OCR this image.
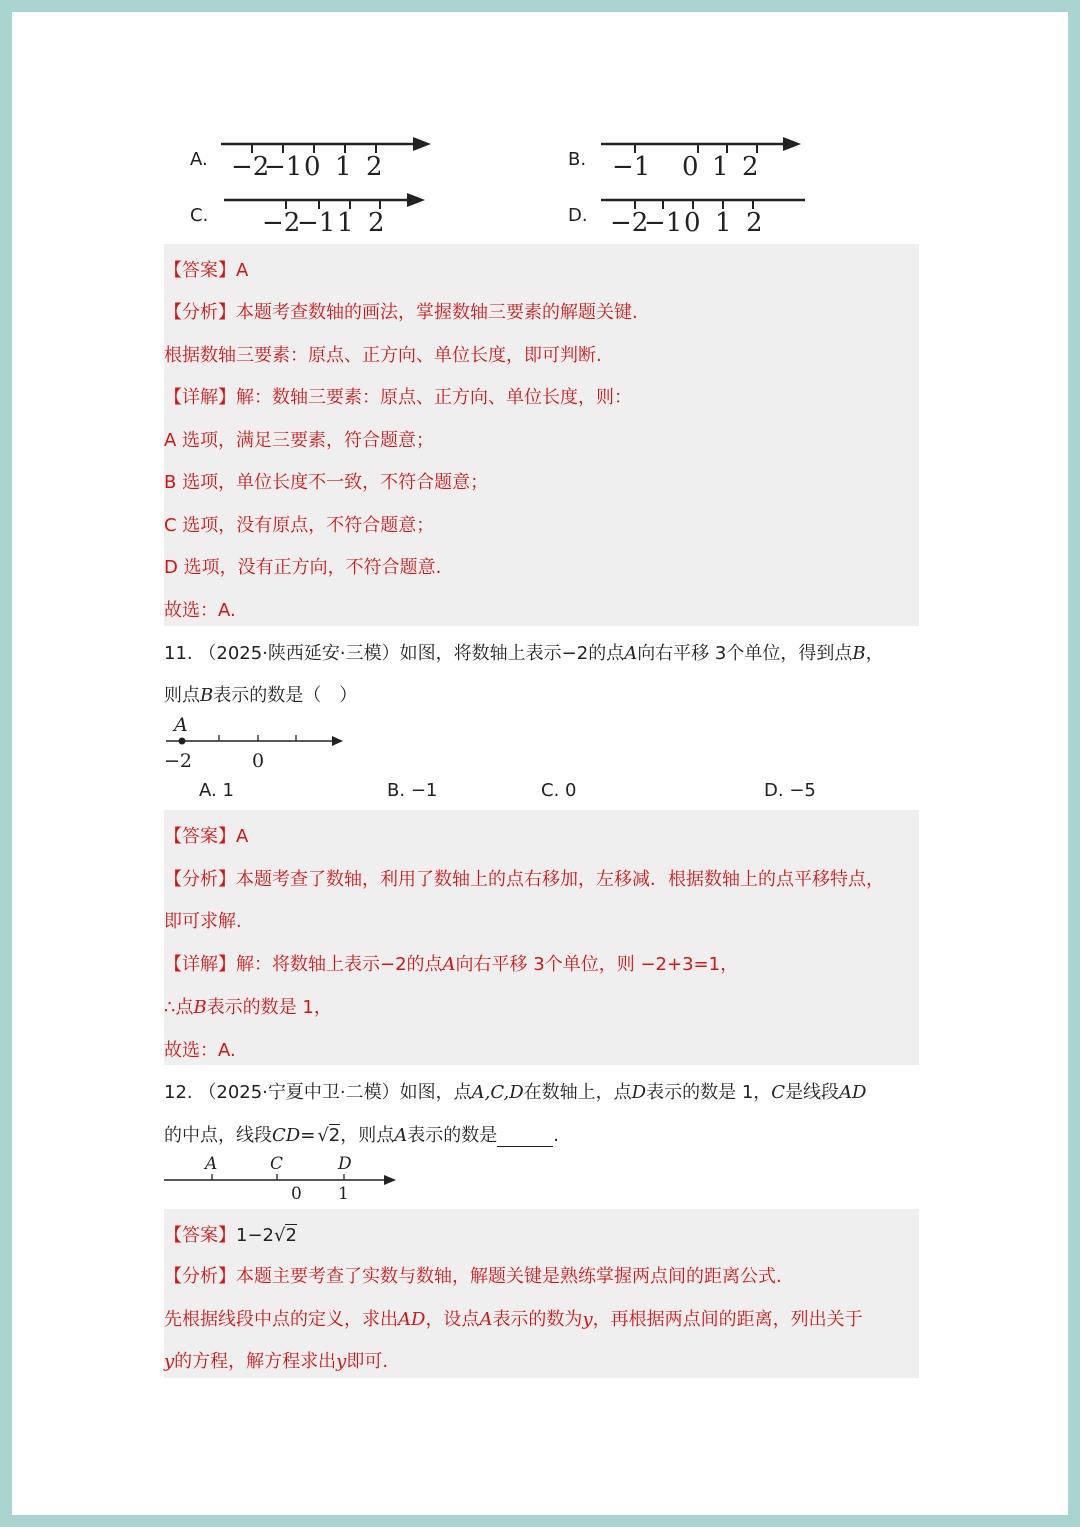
A. −2
−1 0 1 2	B. −1 0 1 2
C. −2
−1 1 2	D. −2
−1 0 1 2
【答案】A
【分析】本题考查数轴的画法，掌握数轴三要素的解题关键.
根据数轴三要素：原点、正方向、单位长度，即可判断.
【详解】解：数轴三要素：原点、正方向、单位长度，则：
A 选项，满足三要素，符合题意；
B 选项，单位长度不一致，不符合题意；
C 选项，没有原点，不符合题意；
D 选项，没有正方向，不符合题意.
故选：A.
11. （2025·陕西延安·三模）如图，将数轴上表示−2的点A向右平移 3个单位，得到点B，
则点B表示的数是（　）
A
−2	0
A. 1	B. −1	C. 0	D. −5
【答案】A
【分析】本题考查了数轴，利用了数轴上的点右移加，左移减．根据数轴上的点平移特点，
即可求解.
【详解】解：将数轴上表示−2的点A向右平移 3个单位，则 −2+3=1，
∴点B表示的数是 1，
故选：A.
12. （2025·宁夏中卫·二模）如图，点A,C,D在数轴上，点D表示的数是 1，C是线段AD
的中点，线段CD= √2，则点A表示的数是	.
A	C	D
0 1
【答案】1−2√2
【分析】本题主要考查了实数与数轴，解题关键是熟练掌握两点间的距离公式.
先根据线段中点的定义，求出AD，设点A表示的数为y，再根据两点间的距离，列出关于
y的方程，解方程求出y即可.
